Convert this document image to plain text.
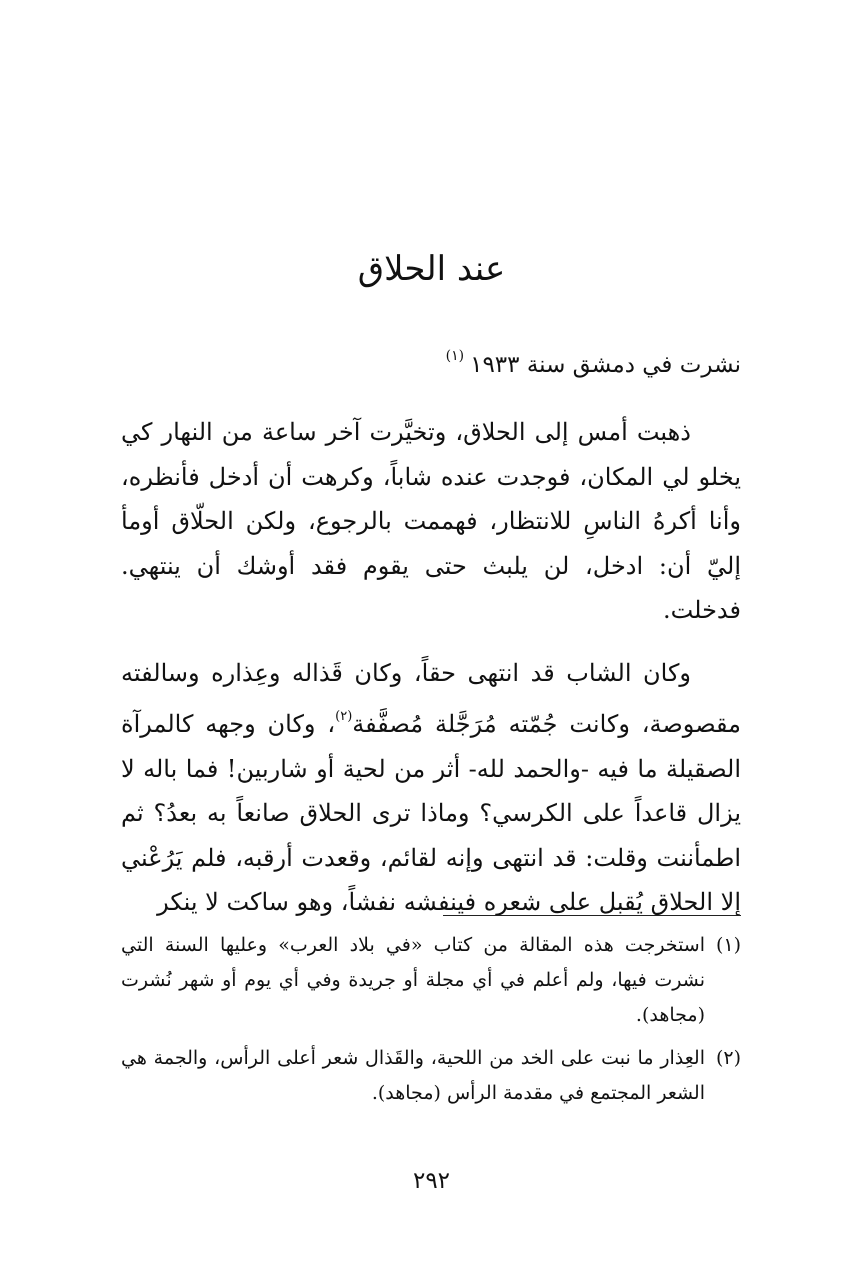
عند الحلاق
نشرت في دمشق سنة ١٩٣٣$^{(١)}$

ذهبت أمس إلى الحلاق، وتخيَّرت آخر ساعة من النهار كي يخلو لي المكان، فوجدت عنده شاباً، وكرهت أن أدخل فأنظره، وأنا أكرهُ الناسِ للانتظار، فهممت بالرجوع، ولكن الحلّاق أومأ إليّ أن: ادخل، لن يلبث حتى يقوم فقد أوشك أن ينتهي. فدخلت.

وكان الشاب قد انتهى حقاً، وكان قَذاله وعِذاره وسالفته مقصوصة، وكانت جُمّته مُرَجَّلة مُصفَّفة$^{(٢)}$، وكان وجهه كالمرآة الصقيلة ما فيه -والحمد لله- أثر من لحية أو شاربين! فما باله لا يزال قاعداً على الكرسي؟ وماذا ترى الحلاق صانعاً به بعدُ؟ ثم اطمأننت وقلت: قد انتهى وإنه لقائم، وقعدت أرقبه، فلم يَرُعْني إلا الحلاق يُقبل على شعره فينفشه نفشاً، وهو ساكت لا ينكر

(١)
استخرجت هذه المقالة من كتاب «في بلاد العرب» وعليها السنة التي نشرت فيها، ولم أعلم في أي مجلة أو جريدة وفي أي يوم أو شهر نُشرت (مجاهد).

(٢)
العِذار ما نبت على الخد من اللحية، والقَذال شعر أعلى الرأس، والجمة هي الشعر المجتمع في مقدمة الرأس (مجاهد).

٢٩٢
